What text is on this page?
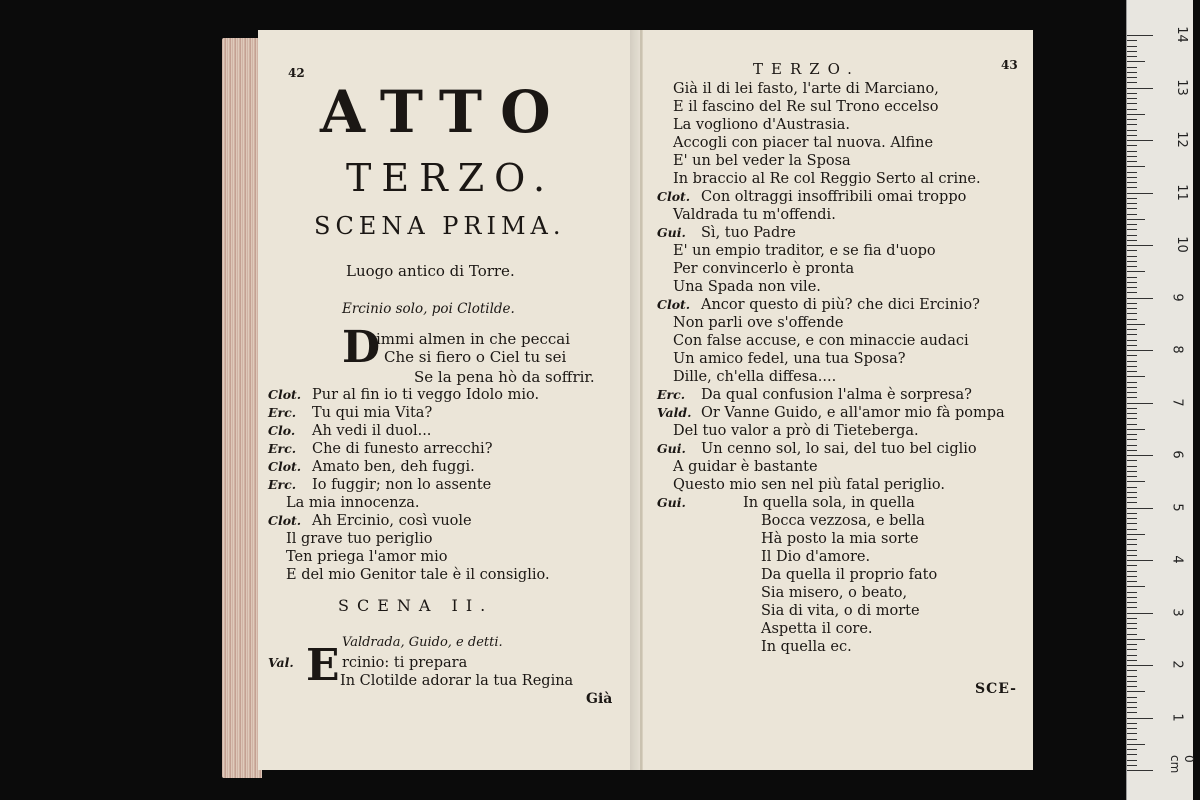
42
ATTO
TERZO.
SCENA PRIMA.
Luogo antico di Torre.
Ercinio solo, poi Clotilde.
D
immi almen in che peccai
Che si fiero o Ciel tu sei
Se la pena hò da soffrir.
Clot. Pur al fin io ti veggo Idolo mio.
Erc. Tu qui mia Vita?
Clo. Ah vedi il duol...
Erc. Che di funesto arrecchi?
Clot. Amato ben, deh fuggi.
Erc. Io fuggir; non lo assente
La mia innocenza.
Clot. Ah Ercinio, così vuole
Il grave tuo periglio
Ten priega l'amor mio
E del mio Genitor tale è il consiglio.
SCENA II.
Valdrada, Guido, e detti.
Val. E rcinio: ti prepara
In Clotilde adorar la tua Regina
Già
TERZO.	43
Già il di lei fasto, l'arte di Marciano,
E il fascino del Re sul Trono eccelso
La vogliono d'Austrasia.
Accogli con piacer tal nuova. Alfine
E' un bel veder la Sposa
In braccio al Re col Reggio Serto al crine.
Clot. Con oltraggi insoffribili omai troppo
Valdrada tu m'offendi.
Gui. Sì, tuo Padre
E' un empio traditor, e se fia d'uopo
Per convincerlo è pronta
Una Spada non vile.
Clot. Ancor questo di più? che dici Ercinio?
Non parli ove s'offende
Con false accuse, e con minaccie audaci
Un amico fedel, una tua Sposa?
Dille, ch'ella diffesa....
Erc. Da qual confusion l'alma è sorpresa?
Vald. Or Vanne Guido, e all'amor mio fà pompa
Del tuo valor a prò di Tieteberga.
Gui. Un cenno sol, lo sai, del tuo bel ciglio
A guidar è bastante
Questo mio sen nel più fatal periglio.
Gui.	In quella sola, in quella
Bocca vezzosa, e bella
Hà posto la mia sorte
Il Dio d'amore.
Da quella il proprio fato
Sia misero, o beato,
Sia di vita, o di morte
Aspetta il core.
In quella ec.
SCE-
0 cm
1
2
3
4
5
6
7
8
9
10
11
12
13
14
